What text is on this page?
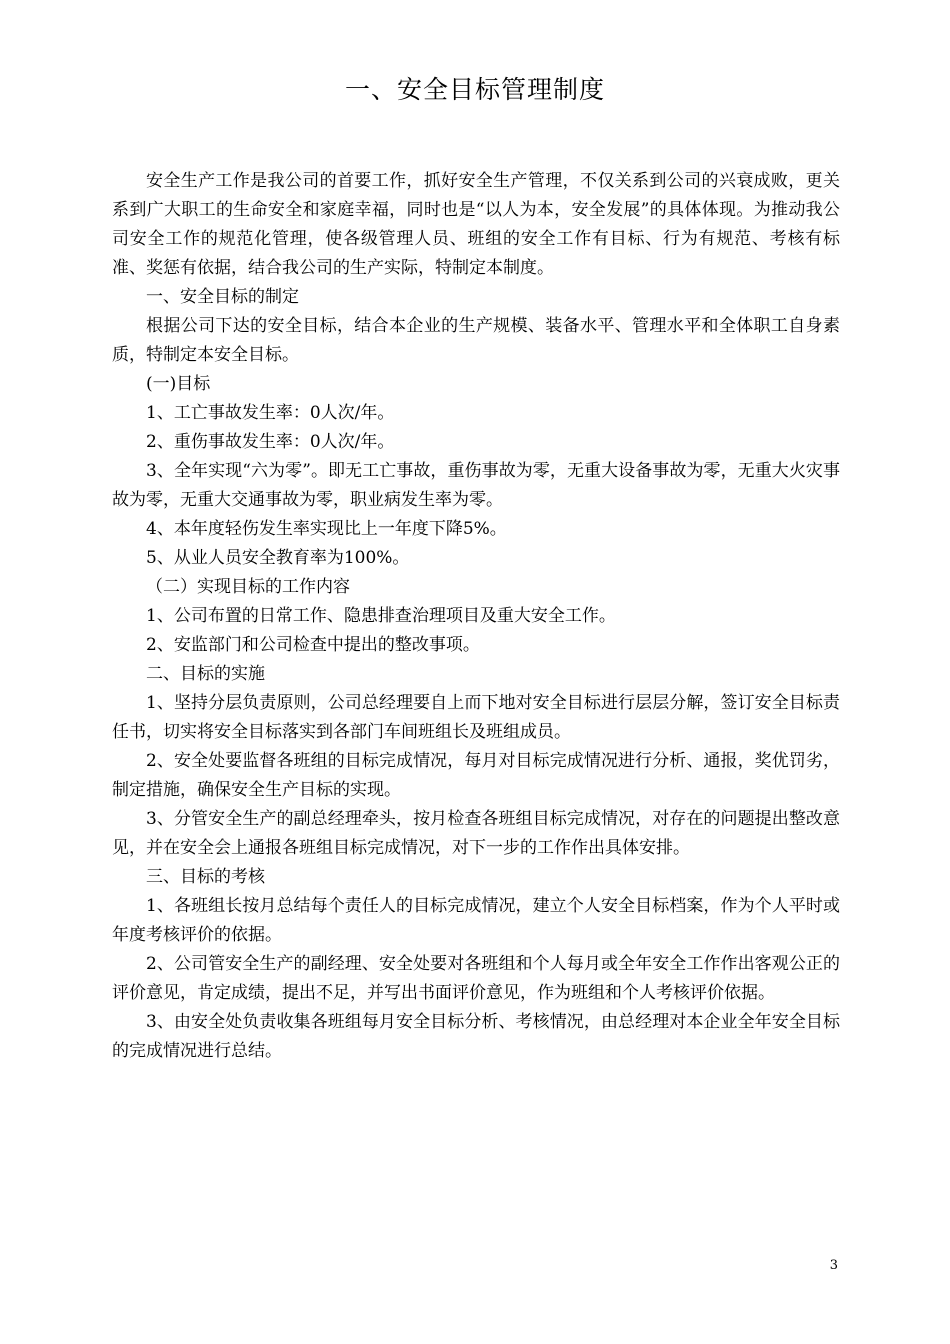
一、安全目标管理制度

安全生产工作是我公司的首要工作，抓好安全生产管理，不仅关系到公司的兴衰成败，更关系到广大职工的生命安全和家庭幸福，同时也是“以人为本，安全发展”的具体体现。为推动我公司安全工作的规范化管理，使各级管理人员、班组的安全工作有目标、行为有规范、考核有标准、奖惩有依据，结合我公司的生产实际，特制定本制度。

一、安全目标的制定

根据公司下达的安全目标，结合本企业的生产规模、装备水平、管理水平和全体职工自身素质，特制定本安全目标。

(一)目标

1、工亡事故发生率：0人次/年。

2、重伤事故发生率：0人次/年。

3、全年实现“六为零”。即无工亡事故，重伤事故为零，无重大设备事故为零，无重大火灾事故为零，无重大交通事故为零，职业病发生率为零。

4、本年度轻伤发生率实现比上一年度下降5%。

5、从业人员安全教育率为100%。

（二）实现目标的工作内容

1、公司布置的日常工作、隐患排查治理项目及重大安全工作。

2、安监部门和公司检查中提出的整改事项。

二、目标的实施

1、坚持分层负责原则，公司总经理要自上而下地对安全目标进行层层分解，签订安全目标责任书，切实将安全目标落实到各部门车间班组长及班组成员。

2、安全处要监督各班组的目标完成情况，每月对目标完成情况进行分析、通报，奖优罚劣，制定措施，确保安全生产目标的实现。

3、分管安全生产的副总经理牵头，按月检查各班组目标完成情况，对存在的问题提出整改意见，并在安全会上通报各班组目标完成情况，对下一步的工作作出具体安排。

三、目标的考核

1、各班组长按月总结每个责任人的目标完成情况，建立个人安全目标档案，作为个人平时或年度考核评价的依据。

2、公司管安全生产的副经理、安全处要对各班组和个人每月或全年安全工作作出客观公正的评价意见，肯定成绩，提出不足，并写出书面评价意见，作为班组和个人考核评价依据。

3、由安全处负责收集各班组每月安全目标分析、考核情况，由总经理对本企业全年安全目标的完成情况进行总结。

3
